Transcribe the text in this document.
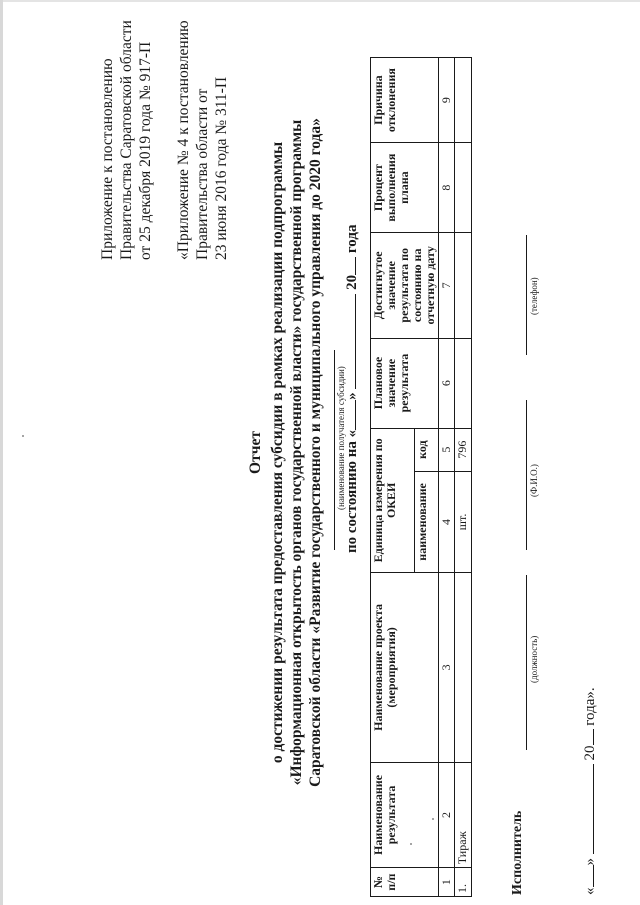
Приложение к постановлению Правительства Саратовской области от 25 декабря 2019 года № 917-П «Приложение № 4 к постановлению Правительства области от 23 июня 2016 года № 311-П
Отчет о достижении результата предоставления субсидии в рамках реализации подпрограммы «Информационная открытость органов государственной власти» государственной программы Саратовской области «Развитие государственного и муниципального управления до 2020 года» (наименование получателя субсидии)
по состоянию на «»  20 года
№ п/п	Наименование результата	Наименование проекта (мероприятия)	Единица измерения по ОКЕИ		Плановое значение результата	Достигнутое значение результата по состоянию на отчетную дату	Процент выполнения плана	Причина отклонения
			наименование	код				
1	2	3	4	5	6	7	8	9
1.	Тираж		шт.	796				
Исполнитель
(должность)
(Ф.И.О.)
(телефон)
«»  20 года».
